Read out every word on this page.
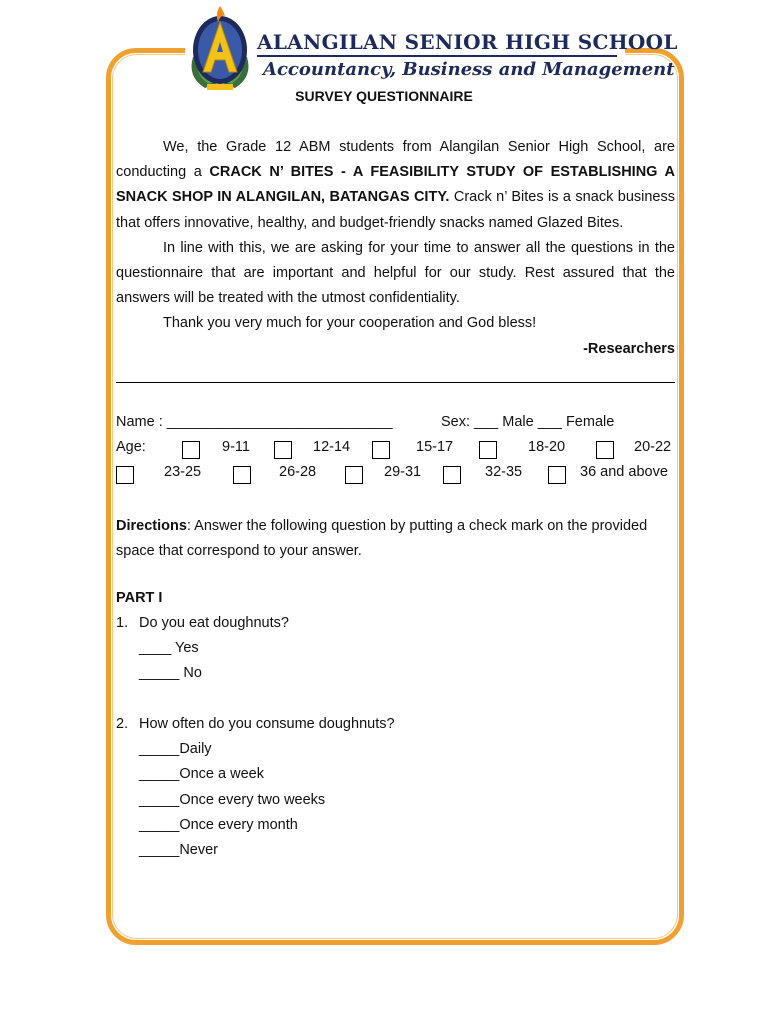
ALANGILAN SENIOR HIGH SCHOOL
Accountancy, Business and Management
SURVEY QUESTIONNAIRE

We, the Grade 12 ABM students from Alangilan Senior High School, are conducting a CRACK N’ BITES - A FEASIBILITY STUDY OF ESTABLISHING A SNACK SHOP IN ALANGILAN, BATANGAS CITY. Crack n’ Bites is a snack business that offers innovative, healthy, and budget-friendly snacks named Glazed Bites.

In line with this, we are asking for your time to answer all the questions in the questionnaire that are important and helpful for our study. Rest assured that the answers will be treated with the utmost confidentiality.

Thank you very much for your cooperation and God bless!

-Researchers

Name : ____________________________	Sex: ___ Male ___ Female
Age:	9-11	12-14	15-17	18-20	20-22
23-25	26-28	29-31	32-35	36 and above
Directions: Answer the following question by putting a check mark on the provided space that correspond to your answer.
PART I
1. Do you eat doughnuts?
____ Yes
_____ No
2. How often do you consume doughnuts?
_____Daily
_____Once a week
_____Once every two weeks
_____Once every month
_____Never
